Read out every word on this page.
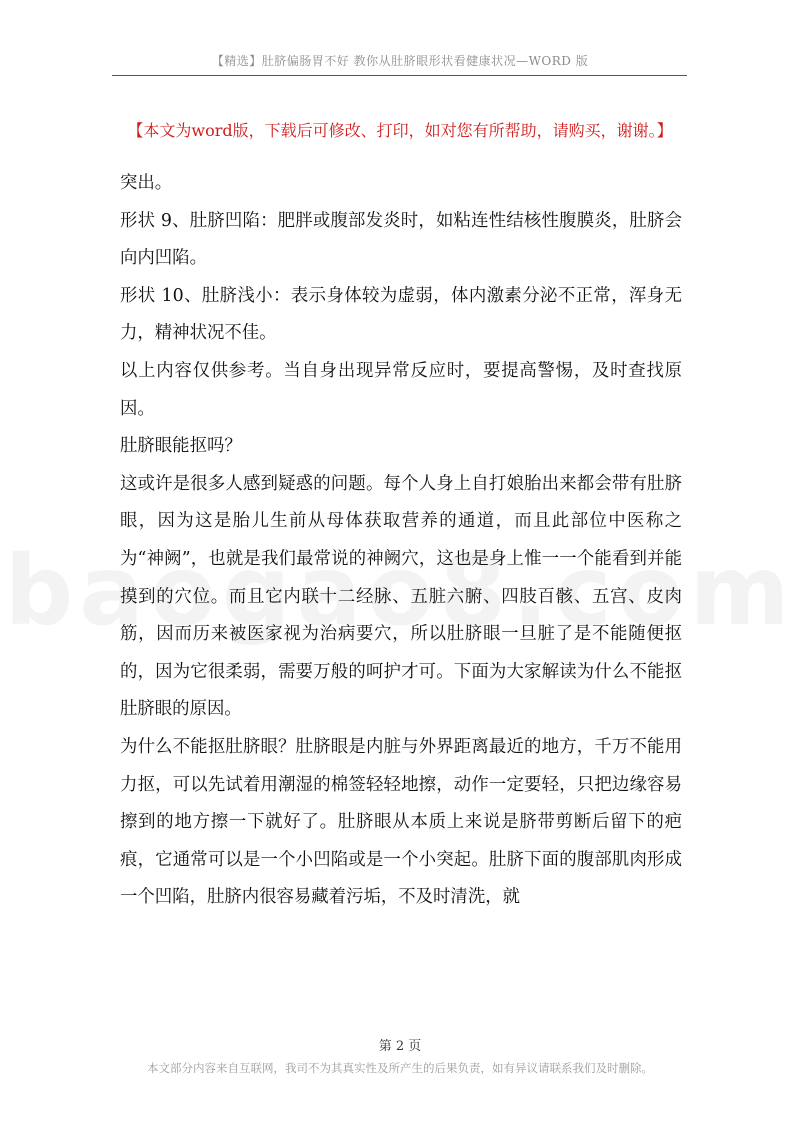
【精选】肚脐偏肠胃不好 教你从肚脐眼形状看健康状况—WORD 版
【本文为word版，下载后可修改、打印，如对您有所帮助，请购买，谢谢。】

突出。

形状 9、肚脐凹陷：肥胖或腹部发炎时，如粘连性结核性腹膜炎，肚脐会向内凹陷。

形状 10、肚脐浅小：表示身体较为虚弱，体内激素分泌不正常，浑身无力，精神状况不佳。

以上内容仅供参考。当自身出现异常反应时，要提高警惕，及时查找原因。

肚脐眼能抠吗？

这或许是很多人感到疑惑的问题。每个人身上自打娘胎出来都会带有肚脐眼，因为这是胎儿生前从母体获取营养的通道，而且此部位中医称之为“神阙”，也就是我们最常说的神阙穴，这也是身上惟一一个能看到并能摸到的穴位。而且它内联十二经脉、五脏六腑、四肢百骸、五宫、皮肉筋，因而历来被医家视为治病要穴，所以肚脐眼一旦脏了是不能随便抠的，因为它很柔弱，需要万般的呵护才可。下面为大家解读为什么不能抠肚脐眼的原因。

为什么不能抠肚脐眼？肚脐眼是内脏与外界距离最近的地方，千万不能用力抠，可以先试着用潮湿的棉签轻轻地擦，动作一定要轻，只把边缘容易擦到的地方擦一下就好了。肚脐眼从本质上来说是脐带剪断后留下的疤痕，它通常可以是一个小凹陷或是一个小突起。肚脐下面的腹部肌肉形成一个凹陷，肚脐内很容易藏着污垢，不及时清洗，就

第 2 页
本文部分内容来自互联网，我司不为其真实性及所产生的后果负责，如有异议请联系我们及时删除。
